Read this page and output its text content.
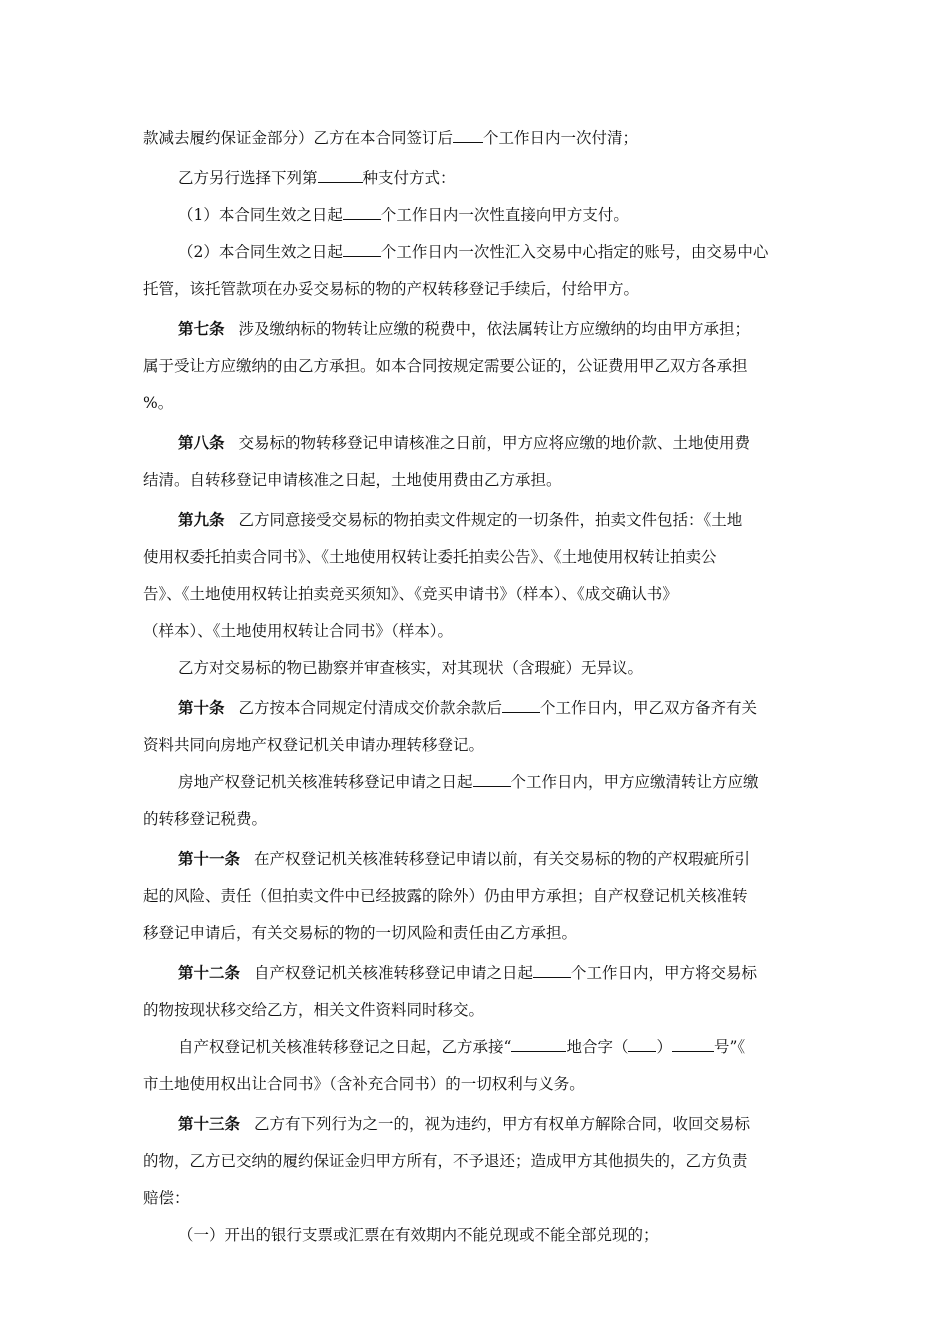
款减去履约保证金部分）乙方在本合同签订后 个工作日内一次付清；
乙方另行选择下列第	种支付方式：
（1）本合同生效之日起 个工作日内一次性直接向甲方支付。
（2）本合同生效之日起 个工作日内一次性汇入交易中心指定的账号，由交易中心
托管，该托管款项在办妥交易标的物的产权转移登记手续后，付给甲方。
第七条 涉及缴纳标的物转让应缴的税费中，依法属转让方应缴纳的均由甲方承担；
属于受让方应缴纳的由乙方承担。如本合同按规定需要公证的，公证费用甲乙双方各承担
%。
第八条 交易标的物转移登记申请核准之日前，甲方应将应缴的地价款、土地使用费
结清。自转移登记申请核准之日起，土地使用费由乙方承担。
第九条 乙方同意接受交易标的物拍卖文件规定的一切条件，拍卖文件包括：《土地
使用权委托拍卖合同书》、《土地使用权转让委托拍卖公告》、《土地使用权转让拍卖公
告》、《土地使用权转让拍卖竞买须知》、《竞买申请书》（样本）、《成交确认书》
（样本）、《土地使用权转让合同书》（样本）。
乙方对交易标的物已勘察并审查核实，对其现状（含瑕疵）无异议。
第十条 乙方按本合同规定付清成交价款余款后 个工作日内，甲乙双方备齐有关
资料共同向房地产权登记机关申请办理转移登记。
房地产权登记机关核准转移登记申请之日起 个工作日内，甲方应缴清转让方应缴
的转移登记税费。
第十一条 在产权登记机关核准转移登记申请以前，有关交易标的物的产权瑕疵所引
起的风险、责任（但拍卖文件中已经披露的除外）仍由甲方承担；自产权登记机关核准转
移登记申请后，有关交易标的物的一切风险和责任由乙方承担。
第十二条 自产权登记机关核准转移登记申请之日起 个工作日内，甲方将交易标
的物按现状移交给乙方，相关文件资料同时移交。
自产权登记机关核准转移登记之日起，乙方承接“	地合字（ ）	号”《
市土地使用权出让合同书》（含补充合同书）的一切权利与义务。
第十三条 乙方有下列行为之一的，视为违约，甲方有权单方解除合同，收回交易标
的物，乙方已交纳的履约保证金归甲方所有，不予退还；造成甲方其他损失的，乙方负责
赔偿：
（一）开出的银行支票或汇票在有效期内不能兑现或不能全部兑现的；
